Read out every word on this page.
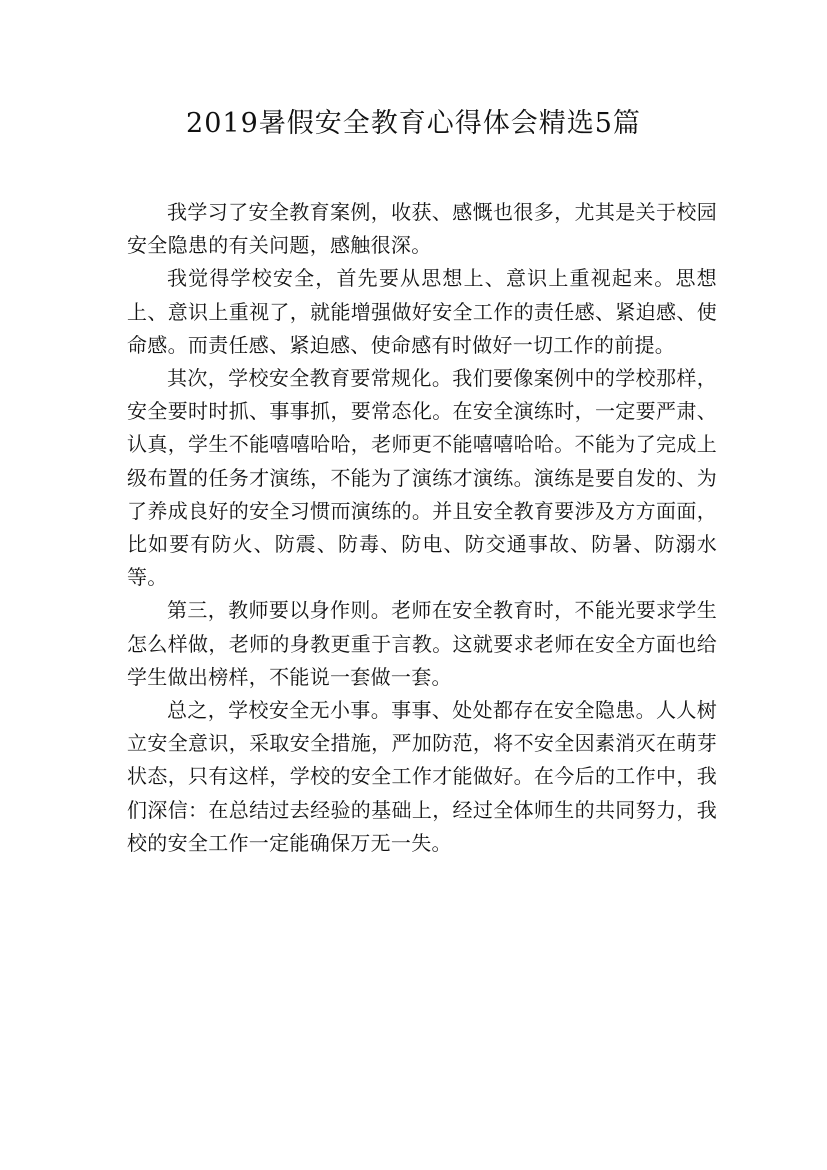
2019暑假安全教育心得体会精选5篇

我学习了安全教育案例，收获、感慨也很多，尤其是关于校园安全隐患的有关问题，感触很深。

我觉得学校安全，首先要从思想上、意识上重视起来。思想上、意识上重视了，就能增强做好安全工作的责任感、紧迫感、使命感。而责任感、紧迫感、使命感有时做好一切工作的前提。

其次，学校安全教育要常规化。我们要像案例中的学校那样，安全要时时抓、事事抓，要常态化。在安全演练时，一定要严肃、认真，学生不能嘻嘻哈哈，老师更不能嘻嘻哈哈。不能为了完成上级布置的任务才演练，不能为了演练才演练。演练是要自发的、为了养成良好的安全习惯而演练的。并且安全教育要涉及方方面面，比如要有防火、防震、防毒、防电、防交通事故、防暑、防溺水等。

第三，教师要以身作则。老师在安全教育时，不能光要求学生怎么样做，老师的身教更重于言教。这就要求老师在安全方面也给学生做出榜样，不能说一套做一套。

总之，学校安全无小事。事事、处处都存在安全隐患。人人树立安全意识，采取安全措施，严加防范，将不安全因素消灭在萌芽状态，只有这样，学校的安全工作才能做好。在今后的工作中，我们深信：在总结过去经验的基础上，经过全体师生的共同努力，我校的安全工作一定能确保万无一失。
